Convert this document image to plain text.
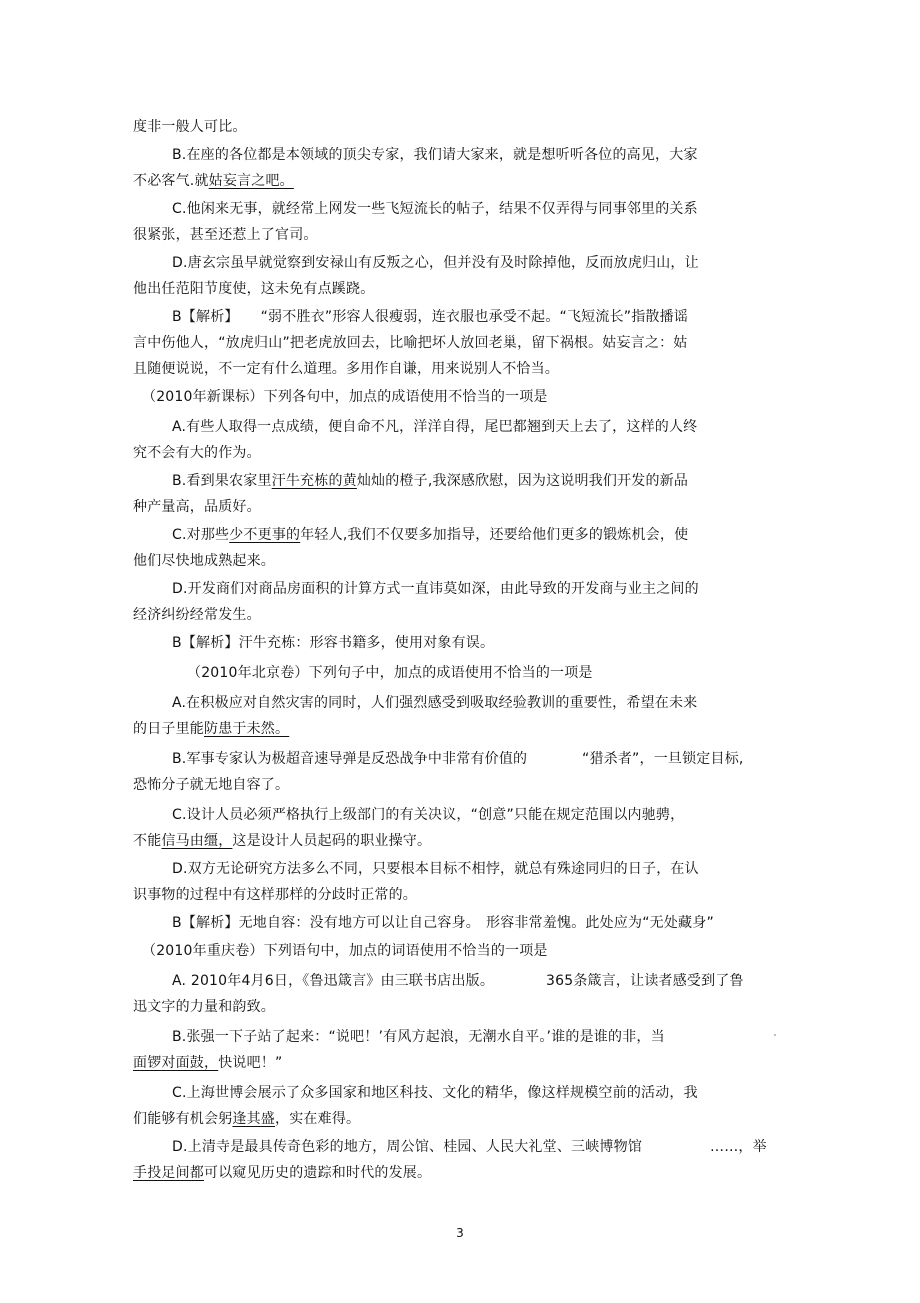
度非一般人可比。
B.在座的各位都是本领域的顶尖专家，我们请大家来，就是想听听各位的高见，大家
不必客气.就姑妄言之吧。
C.他闲来无事，就经常上网发一些飞短流长的帖子，结果不仅弄得与同事邻里的关系
很紧张，甚至还惹上了官司。
D.唐玄宗虽早就觉察到安禄山有反叛之心，但并没有及时除掉他，反而放虎归山，让
他出任范阳节度使，这未免有点蹊跷。
B【解析】 “弱不胜衣”形容人很瘦弱，连衣服也承受不起。“飞短流长”指散播谣
言中伤他人，“放虎归山”把老虎放回去，比喻把坏人放回老巢，留下祸根。姑妄言之：姑
且随便说说，不一定有什么道理。多用作自谦，用来说别人不恰当。
（2010年新课标）下列各句中，加点的成语使用不恰当的一项是
A.有些人取得一点成绩，便自命不凡，洋洋自得，尾巴都翘到天上去了，这样的人终
究不会有大的作为。
B.看到果农家里汗牛充栋的黄灿灿的橙子,我深感欣慰，因为这说明我们开发的新品
种产量高，品质好。
C.对那些少不更事的年轻人,我们不仅要多加指导，还要给他们更多的锻炼机会，使
他们尽快地成熟起来。
D.开发商们对商品房面积的计算方式一直讳莫如深，由此导致的开发商与业主之间的
经济纠纷经常发生。
B【解析】汗牛充栋：形容书籍多，使用对象有误。
（2010年北京卷）下列句子中，加点的成语使用不恰当的一项是
A.在积极应对自然灾害的同时，人们强烈感受到吸取经验教训的重要性，希望在未来
的日子里能防患于未然。
B.军事专家认为极超音速导弹是反恐战争中非常有价值的	“猎杀者”，一旦锁定目标,
恐怖分子就无地自容了。
C.设计人员必须严格执行上级部门的有关决议，“创意”只能在规定范围以内驰骋，
不能信马由缰，这是设计人员起码的职业操守。
D.双方无论研究方法多么不同，只要根本目标不相悖，就总有殊途同归的日子，在认
识事物的过程中有这样那样的分歧时正常的。
B【解析】无地自容：没有地方可以让自己容身。 形容非常羞愧。此处应为“无处藏身”
（2010年重庆卷）下列语句中，加点的词语使用不恰当的一项是
A. 2010年4月6日，《鲁迅箴言》由三联书店出版。	365条箴言，让读者感受到了鲁
迅文字的力量和韵致。
B.张强一下子站了起来：“说吧！’有风方起浪，无潮水自平。’谁的是谁的非，当
面锣对面鼓，快说吧！”
C.上海世博会展示了众多国家和地区科技、文化的精华，像这样规模空前的活动，我
们能够有机会躬逢其盛，实在难得。
D.上清寺是最具传奇色彩的地方，周公馆、桂园、人民大礼堂、三峡博物馆	……，举
手投足间都可以窥见历史的遗踪和时代的发展。
3
